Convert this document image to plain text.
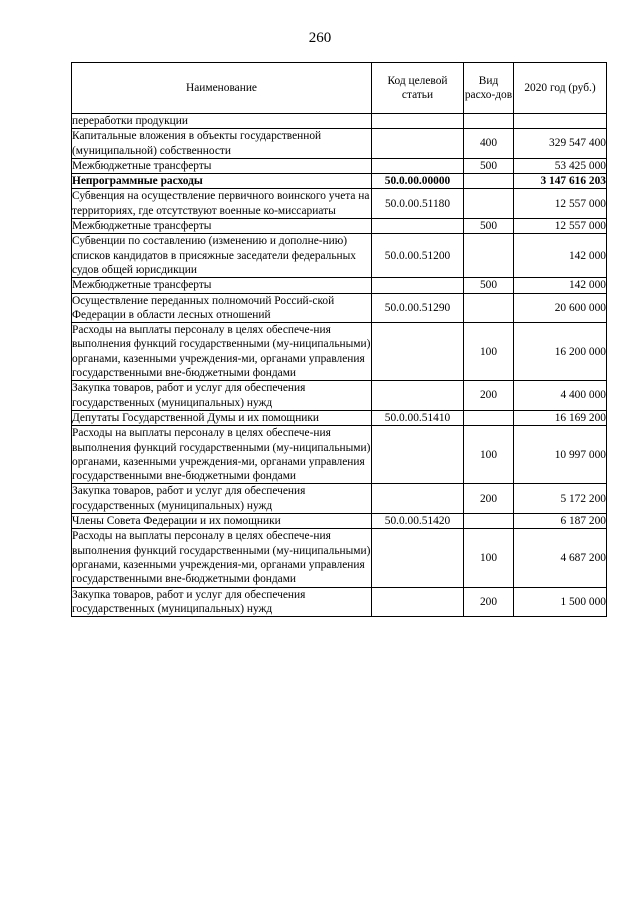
260
Наименование	Код целевой статьи	Вид расхо-дов	2020 год (руб.)
переработки продукции			
Капитальные вложения в объекты государственной (муниципальной) собственности		400	329 547 400
Межбюджетные трансферты		500	53 425 000
Непрограммные расходы	50.0.00.00000		3 147 616 203
Субвенция на осуществление первичного воинского учета на территориях, где отсутствуют военные ко-миссариаты	50.0.00.51180		12 557 000
Межбюджетные трансферты		500	12 557 000
Субвенции по составлению (изменению и дополне-нию) списков кандидатов в присяжные заседатели федеральных судов общей юрисдикции	50.0.00.51200		142 000
Межбюджетные трансферты		500	142 000
Осуществление переданных полномочий Россий-ской Федерации в области лесных отношений	50.0.00.51290		20 600 000
Расходы на выплаты персоналу в целях обеспече-ния выполнения функций государственными (му-ниципальными) органами, казенными учреждения-ми, органами управления государственными вне-бюджетными фондами		100	16 200 000
Закупка товаров, работ и услуг для обеспечения государственных (муниципальных) нужд		200	4 400 000
Депутаты Государственной Думы и их помощники	50.0.00.51410		16 169 200
Расходы на выплаты персоналу в целях обеспече-ния выполнения функций государственными (му-ниципальными) органами, казенными учреждения-ми, органами управления государственными вне-бюджетными фондами		100	10 997 000
Закупка товаров, работ и услуг для обеспечения государственных (муниципальных) нужд		200	5 172 200
Члены Совета Федерации и их помощники	50.0.00.51420		6 187 200
Расходы на выплаты персоналу в целях обеспече-ния выполнения функций государственными (му-ниципальными) органами, казенными учреждения-ми, органами управления государственными вне-бюджетными фондами		100	4 687 200
Закупка товаров, работ и услуг для обеспечения государственных (муниципальных) нужд		200	1 500 000
